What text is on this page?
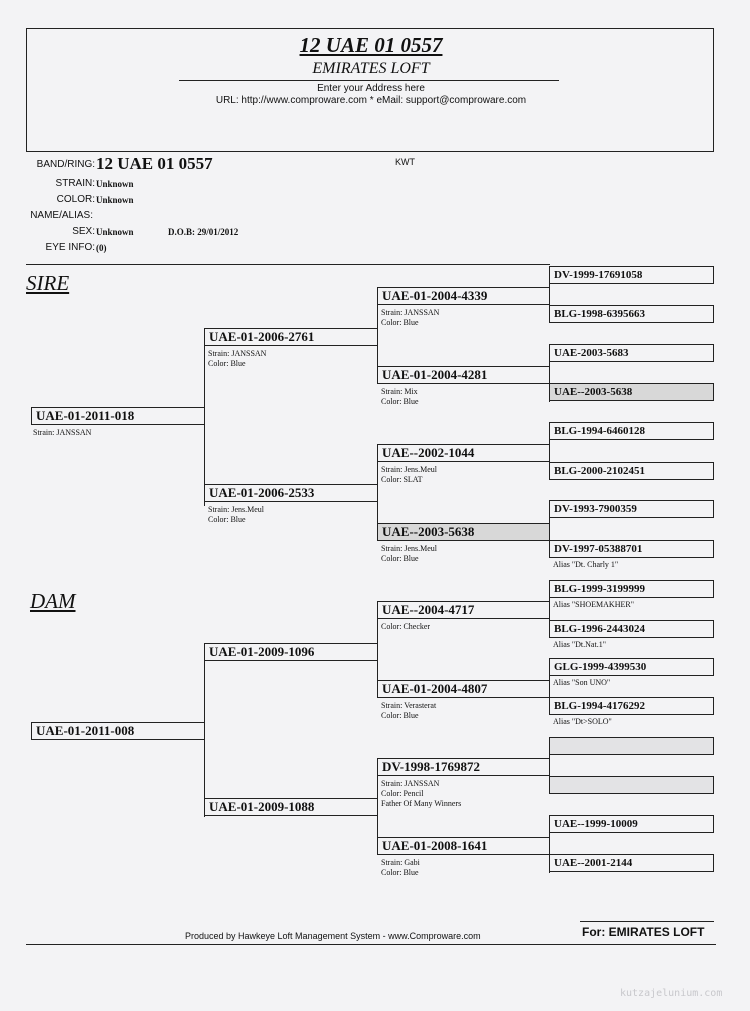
12 UAE 01 0557
EMIRATES LOFT
Enter your Address here
URL: http://www.comproware.com * eMail: support@comproware.com
BAND/RING: 12 UAE 01 0557	KWT
STRAIN: Unknown
COLOR: Unknown
NAME/ALIAS:
SEX: Unknown	D.O.B: 29/01/2012
EYE INFO: (0)
SIRE
DAM
UAE-01-2011-018
Strain: JANSSAN
UAE-01-2011-008
UAE-01-2006-2761
Strain: JANSSAN
Color: Blue
UAE-01-2006-2533
Strain: Jens.Meul
Color: Blue
UAE-01-2009-1096
UAE-01-2009-1088
UAE-01-2004-4339
Strain: JANSSAN
Color: Blue
UAE-01-2004-4281
Strain: Mix
Color: Blue
UAE--2002-1044
Strain: Jens.Meul
Color: SLAT
UAE--2003-5638
Strain: Jens.Meul
Color: Blue
UAE--2004-4717
Color: Checker
UAE-01-2004-4807
Strain: Verasterat
Color: Blue
DV-1998-1769872
Strain: JANSSAN
Color: Pencil
Father Of Many Winners
UAE-01-2008-1641
Strain: Gabi
Color: Blue
DV-1999-17691058
BLG-1998-6395663
UAE-2003-5683
UAE--2003-5638
BLG-1994-6460128
BLG-2000-2102451
DV-1993-7900359
DV-1997-05388701
Alias "Dt. Charly 1"
BLG-1999-3199999
Alias "SHOEMAKHER"
BLG-1996-2443024
Alias "Dt.Nat.1"
GLG-1999-4399530
Alias "Son UNO"
BLG-1994-4176292
Alias "Dt>SOLO"
UAE--1999-10009
UAE--2001-2144
Produced by Hawkeye Loft Management System - www.Comproware.com	For: EMIRATES LOFT
kutzajelunium.com
